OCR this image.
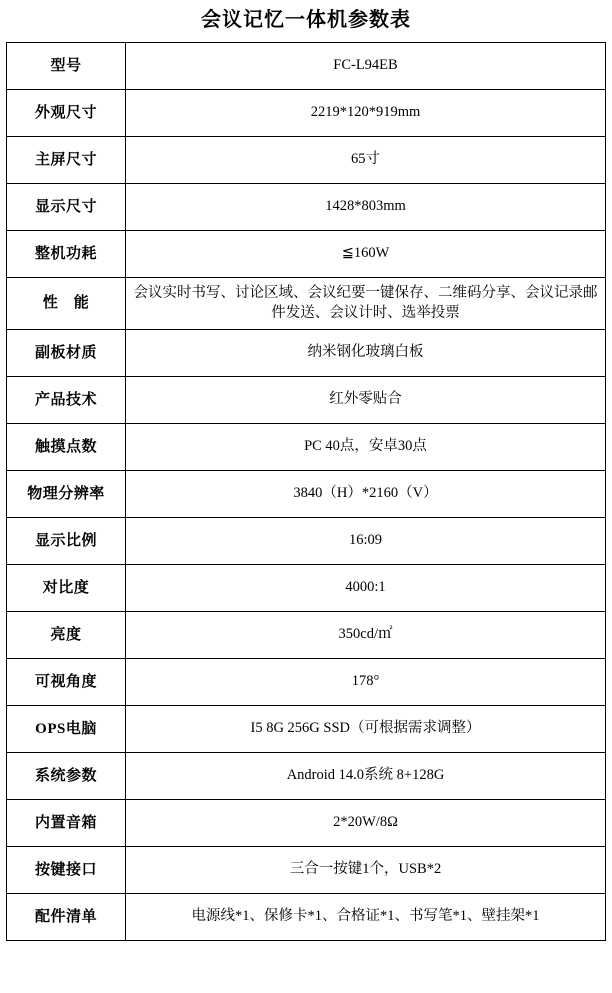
会议记忆一体机参数表
型号	FC-L94EB
外观尺寸	2219*120*919mm
主屏尺寸	65寸
显示尺寸	1428*803mm
整机功耗	≦160W
性　能	会议实时书写、讨论区域、会议纪要一键保存、二维码分享、会议记录邮件发送、会议计时、选举投票
副板材质	纳米钢化玻璃白板
产品技术	红外零贴合
触摸点数	PC 40点，安卓30点
物理分辨率	3840（H）*2160（V）
显示比例	16:09
对比度	4000:1
亮度	350cd/㎡
可视角度	178°
OPS电脑	I5 8G 256G SSD（可根据需求调整）
系统参数	Android 14.0系统 8+128G
内置音箱	2*20W/8Ω
按键接口	三合一按键1个，USB*2
配件清单	电源线*1、保修卡*1、合格证*1、书写笔*1、壁挂架*1
